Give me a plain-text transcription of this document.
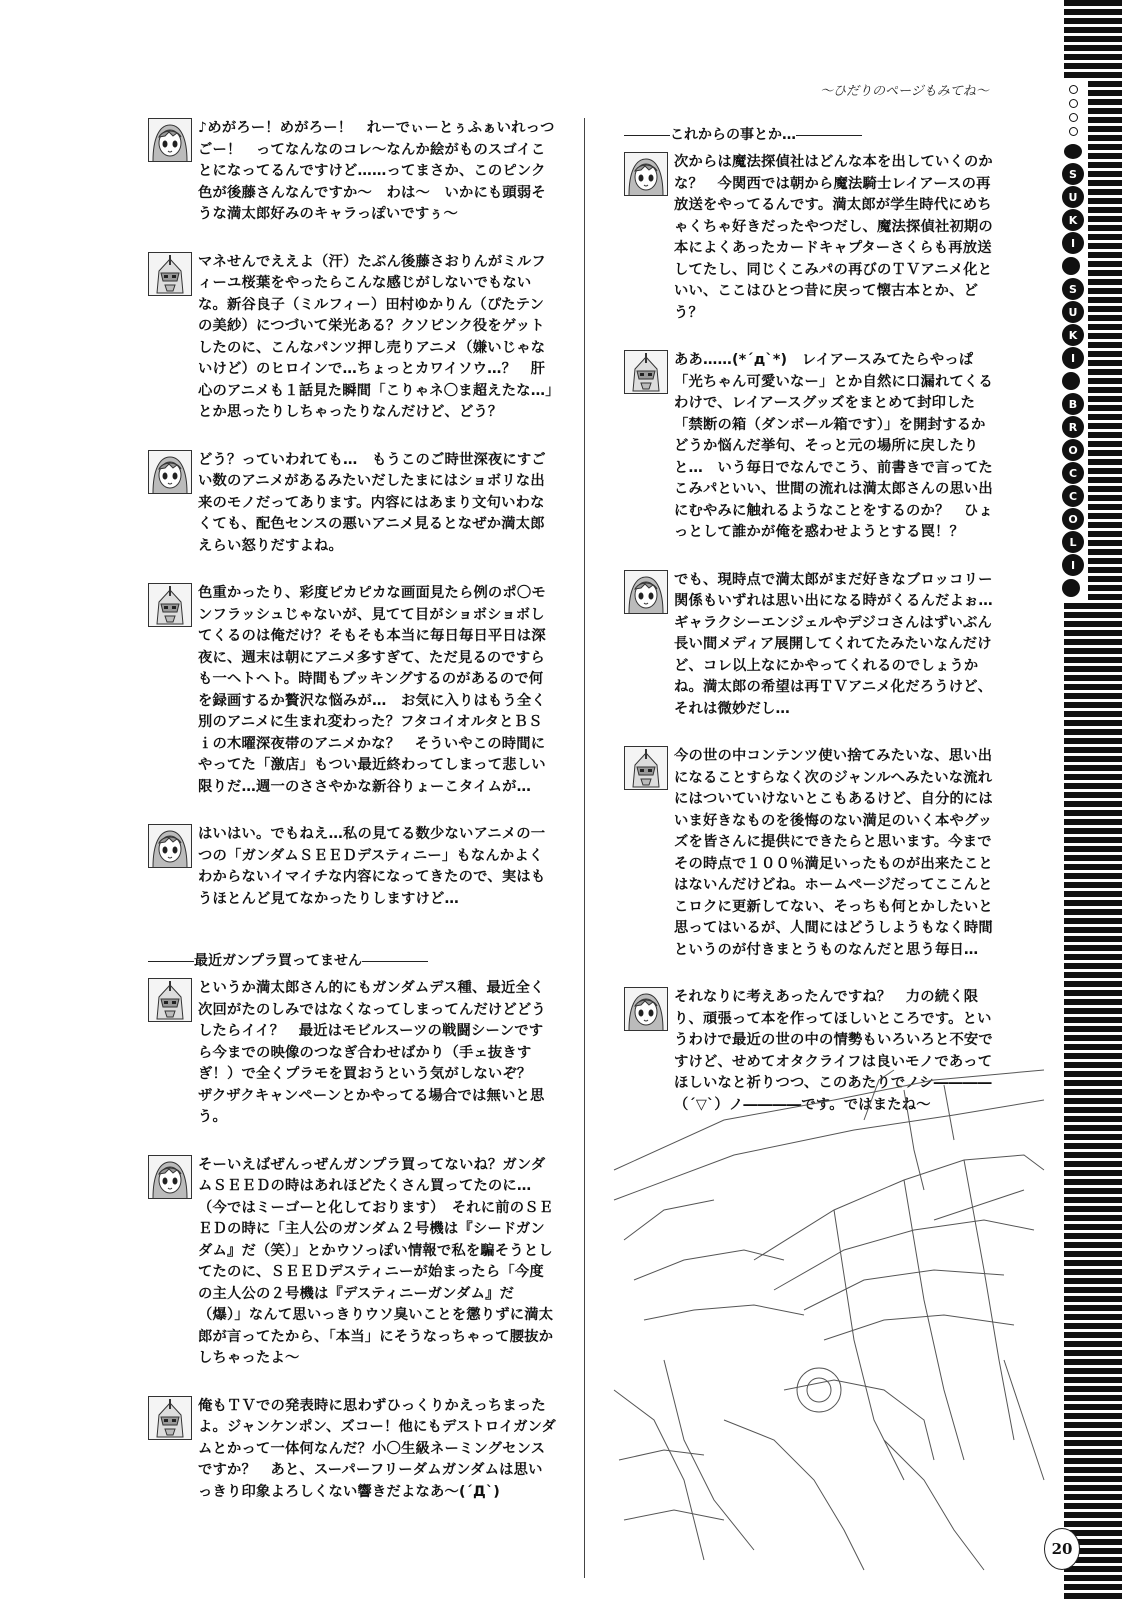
〜ひだりのページもみてね〜
♪めがろー！めがろー！　れーでぃーとぅふぁいれっつごー！　ってなんなのコレ〜なんか絵がものスゴイことになってるんですけど……ってまさか、このピンク色が後藤さんなんですか〜　わは〜　いかにも頭弱そうな満太郎好みのキャラっぽいですぅ〜
マネせんでええよ（汗）たぶん後藤さおりんがミルフィーユ桜葉をやったらこんな感じがしないでもないな。新谷良子（ミルフィー）田村ゆかりん（ぴたテンの美紗）につづいて栄光ある？クソピンク役をゲットしたのに、こんなパンツ押し売りアニメ（嫌いじゃないけど）のヒロインで…ちょっとカワイソウ…？　肝心のアニメも１話見た瞬間「こりゃネ〇ま超えたな…」とか思ったりしちゃったりなんだけど、どう？
どう？っていわれても…　もうこのご時世深夜にすごい数のアニメがあるみたいだしたまにはショボリな出来のモノだってあります。内容にはあまり文句いわなくても、配色センスの悪いアニメ見るとなぜか満太郎えらい怒りだすよね。
色重かったり、彩度ピカピカな画面見たら例のポ〇モンフラッシュじゃないが、見てて目がショボショボしてくるのは俺だけ？そもそも本当に毎日毎日平日は深夜に、週末は朝にアニメ多すぎて、ただ見るのですらも一ヘトヘト。時間もブッキングするのがあるので何を録画するか贅沢な悩みが…　お気に入りはもう全く別のアニメに生まれ変わった？フタコイオルタとＢＳｉの木曜深夜帯のアニメかな？　そういやこの時間にやってた「激店」もつい最近終わってしまって悲しい限りだ…週一のささやかな新谷りょーこタイムが…
はいはい。でもねえ…私の見てる数少ないアニメの一つの「ガンダムＳＥＥＤデスティニー」もなんかよくわからないイマイチな内容になってきたので、実はもうほとんど見てなかったりしますけど…
最近ガンプラ買ってません
というか満太郎さん的にもガンダムデス種、最近全く次回がたのしみではなくなってしまってんだけどどうしたらイイ？　最近はモビルスーツの戦闘シーンですら今までの映像のつなぎ合わせばかり（手ェ抜きすぎ！）で全くプラモを買おうという気がしないぞ？　ザクザクキャンペーンとかやってる場合では無いと思う。
そーいえばぜんっぜんガンプラ買ってないね？ガンダムＳＥＥＤの時はあれほどたくさん買ってたのに…（今ではミーゴーと化しております）　それに前のＳＥＥＤの時に「主人公のガンダム２号機は『シードガンダム』だ（笑）」とかウソっぽい情報で私を騙そうとしてたのに、ＳＥＥＤデスティニーが始まったら「今度の主人公の２号機は『デスティニーガンダム』だ（爆）」なんて思いっきりウソ臭いことを懲りずに満太郎が言ってたから、「本当」にそうなっちゃって腰抜かしちゃったよ〜
俺もＴＶでの発表時に思わずひっくりかえっちまったよ。ジャンケンポン、ズコー！他にもデストロイガンダムとかって一体何なんだ？小〇生級ネーミングセンスですか？　あと、スーパーフリーダムガンダムは思いっきり印象よろしくない響きだよなあ〜(´Д`)
これからの事とか…
次からは魔法探偵社はどんな本を出していくのかな？　今関西では朝から魔法騎士レイアースの再放送をやってるんです。満太郎が学生時代にめちゃくちゃ好きだったやつだし、魔法探偵社初期の本によくあったカードキャプターさくらも再放送してたし、同じくこみパの再びのＴＶアニメ化といい、ここはひとつ昔に戻って懐古本とか、どう？
ああ……(*´д`*)　レイアースみてたらやっぱ「光ちゃん可愛いなー」とか自然に口漏れてくるわけで、レイアースグッズをまとめて封印した「禁断の箱（ダンボール箱です）」を開封するかどうか悩んだ挙句、そっと元の場所に戻したりと…　いう毎日でなんでこう、前書きで言ってたこみパといい、世間の流れは満太郎さんの思い出にむやみに触れるようなことをするのか？　ひょっとして誰かが俺を惑わせようとする罠！？
でも、現時点で満太郎がまだ好きなブロッコリー関係もいずれは思い出になる時がくるんだよぉ…　ギャラクシーエンジェルやデジコさんはずいぶん長い間メディア展開してくれてたみたいなんだけど、コレ以上なにかやってくれるのでしょうかね。満太郎の希望は再ＴＶアニメ化だろうけど、それは微妙だし…
今の世の中コンテンツ使い捨てみたいな、思い出になることすらなく次のジャンルへみたいな流れにはついていけないとこもあるけど、自分的にはいま好きなものを後悔のない満足のいく本やグッズを皆さんに提供にできたらと思います。今までその時点で１００％満足いったものが出来たことはないんだけどね。ホームページだってここんとこロクに更新してない、そっちも何とかしたいと思ってはいるが、人間にはどうしようもなく時間というのが付きまとうものなんだと思う毎日…
それなりに考えあったんですね？　力の続く限り、頑張って本を作ってほしいところです。というわけで最近の世の中の情勢もいろいろと不安ですけど、せめてオタクライフは良いモノであってほしいなと祈りつつ、このあたりでノシ――――（´▽`）ノ――――です。ではまたね〜
S
U
K
I
S
U
K
I
B
R
O
C
C
O
L
I
20
